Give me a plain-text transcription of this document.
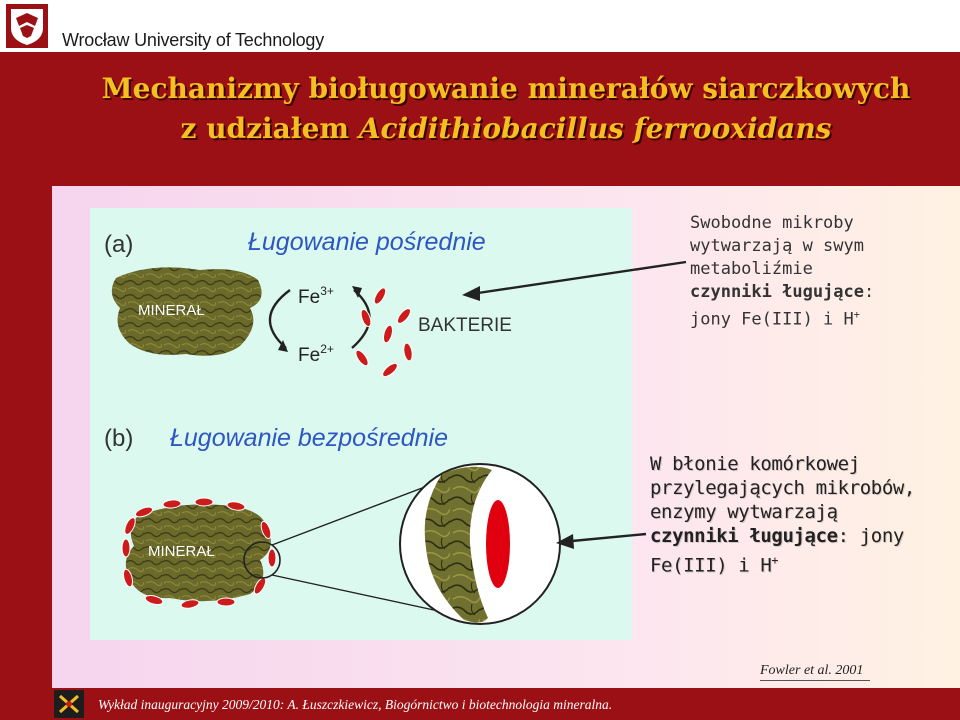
Wrocław University of Technology
Mechanizmy bioługowanie minerałów siarczkowych
z udziałem Acidithiobacillus ferrooxidans
(a)	Ługowanie pośrednie
MINERAŁ
$Fe^{3+}$
$Fe^{2+}$
BAKTERIE
(b) Ługowanie bezpośrednie
MINERAŁ
Swobodne mikroby
wytwarzają w swym
metaboliźmie
czynniki ługujące:
jony Fe(III) i H+
W błonie komórkowej
przylegających mikrobów,
enzymy wytwarzają
czynniki ługujące: jony
Fe(III) i H+
Fowler et al. 2001
Wykład inauguracyjny 2009/2010: A. Łuszczkiewicz, Biogórnictwo i biotechnologia mineralna.
